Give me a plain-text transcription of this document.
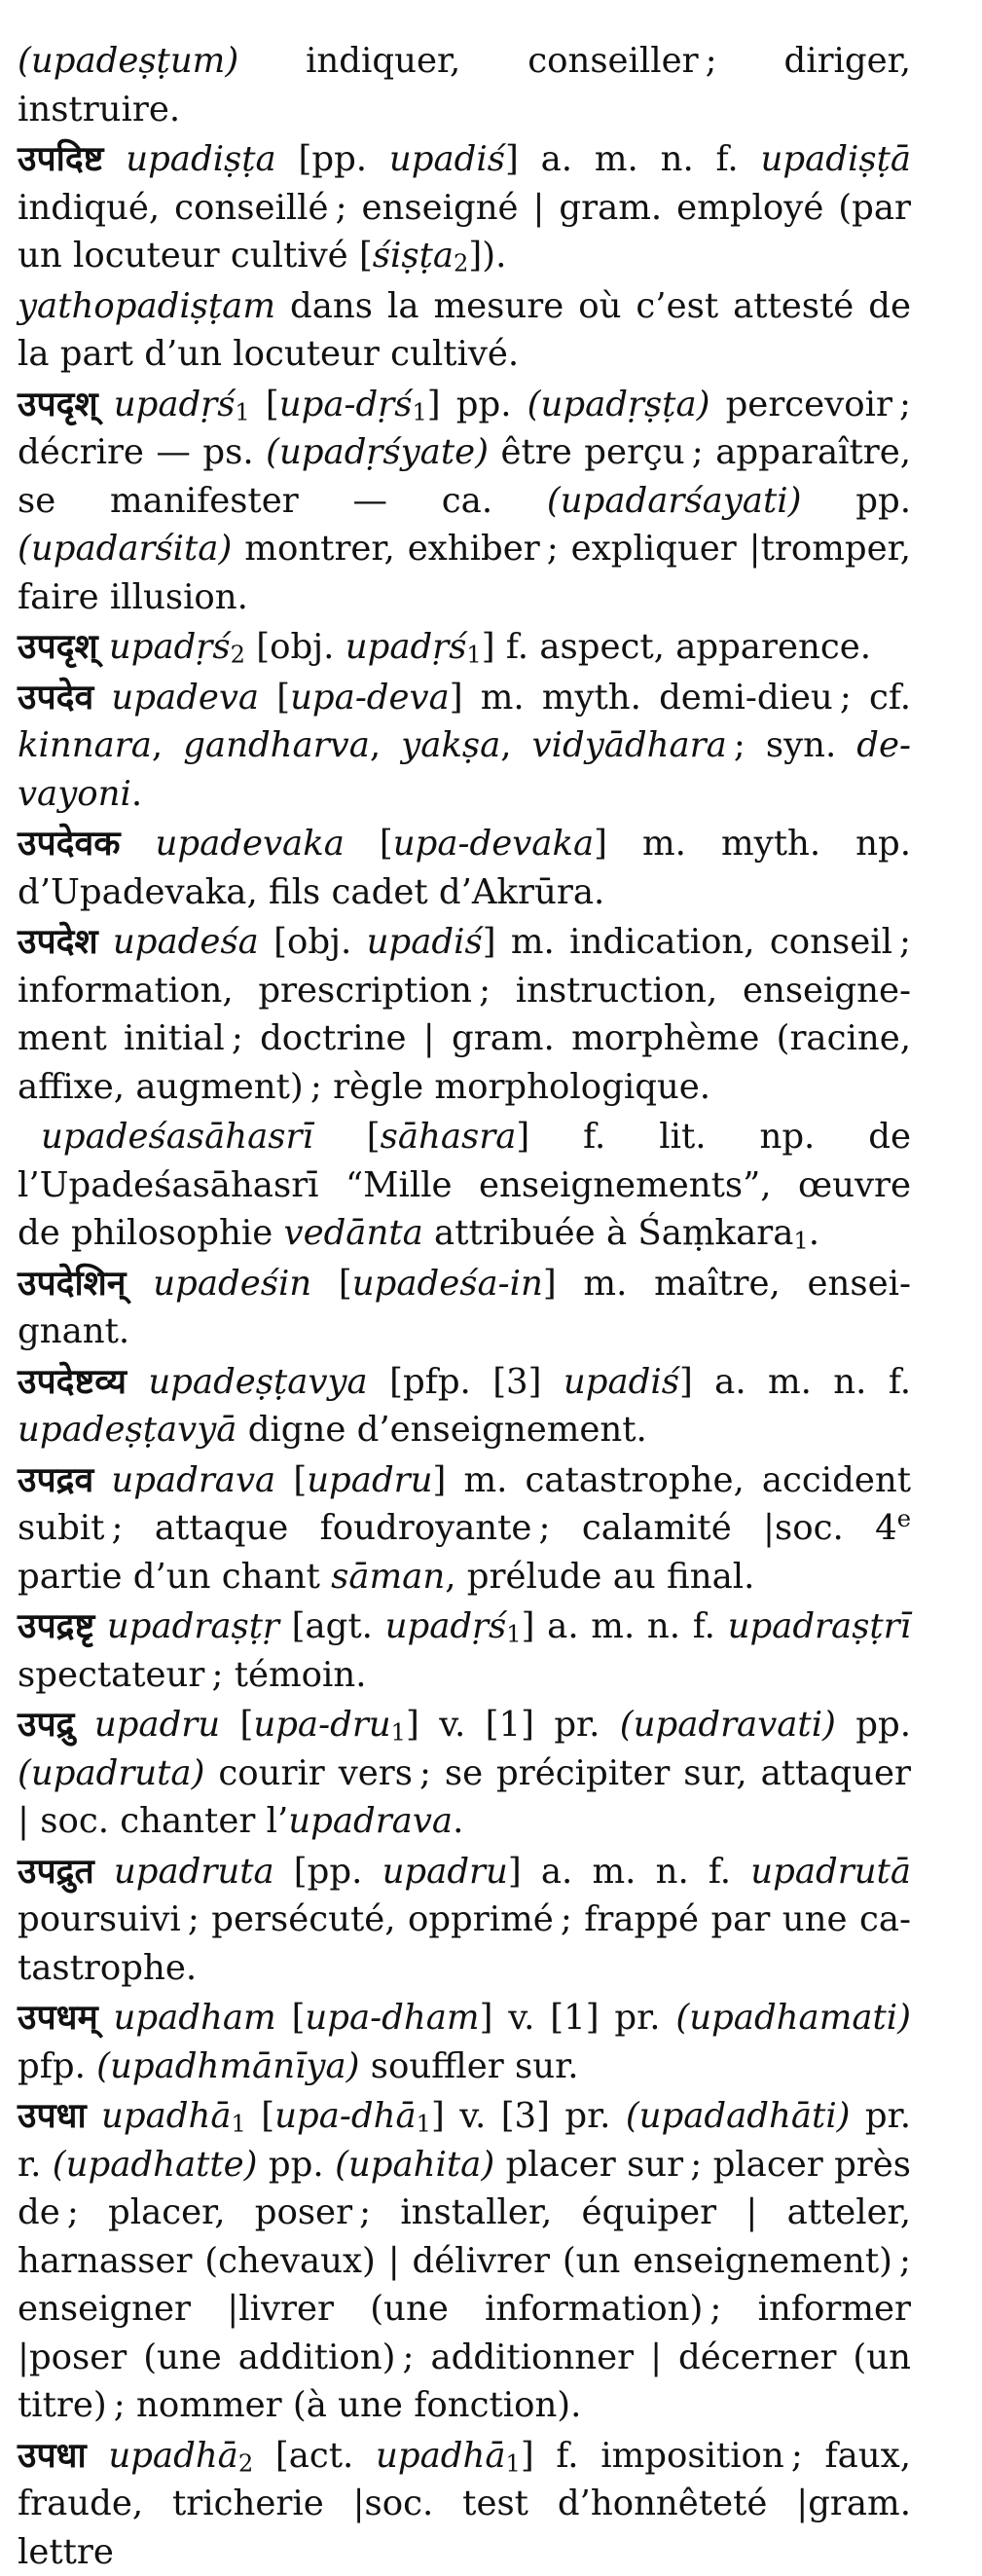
(upadeṣṭum) indiquer, conseiller ; diriger, instruire.

उपदिष्ट upadiṣṭa [pp. upadiś] a. m. n. f. upadiṣṭā indiqué, conseillé ; enseigné | gram. employé (par un locuteur cultivé [śiṣṭa$_2$]).

yathopadiṣṭam dans la mesure où c’est attesté de la part d’un locuteur cultivé.

उपदृश् upadṛś$_1$ [upa-dṛś$_1$] pp. (upadṛṣṭa) percevoir ; décrire — ps. (upadṛśyate) être perçu ; apparaître, se manifester — ca. (upadarśayati) pp. (upadarśita) montrer, exhiber ; expliquer |tromper, faire illusion.

उपदृश् upadṛś$_2$ [obj. upadṛś$_1$] f. aspect, apparence.

उपदेव upadeva [upa-deva] m. myth. demi-dieu ; cf. kinnara, gandharva, yakṣa, vidyādhara ; syn. devayoni.

उपदेवक upadevaka [upa-devaka] m. myth. np. d’Upadevaka, fils cadet d’Akrūra.

उपदेश upadeśa [obj. upadiś] m. indication, conseil ; information, prescription ; instruction, enseignement initial ; doctrine | gram. morphème (racine, affixe, augment) ; règle morphologique.

upadeśasāhasrī [sāhasra] f. lit. np. de l’Upadeśasāhasrī “Mille enseignements”, œuvre de philosophie vedānta attribuée à Śaṃkara$_1$.

उपदेशिन् upadeśin [upadeśa-in] m. maître, enseignant.

उपदेष्टव्य upadeṣṭavya [pfp. [3] upadiś] a. m. n. f. upadeṣṭavyā digne d’enseignement.

उपद्रव upadrava [upadru] m. catastrophe, accident subit ; attaque foudroyante ; calamité |soc. 4e partie d’un chant sāman, prélude au final.

उपद्रष्टृ upadraṣṭṛ [agt. upadṛś$_1$] a. m. n. f. upadraṣṭrī spectateur ; témoin.

उपद्रु upadru [upa-dru$_1$] v. [1] pr. (upadravati) pp. (upadruta) courir vers ; se précipiter sur, attaquer | soc. chanter l’upadrava.

उपद्रुत upadruta [pp. upadru] a. m. n. f. upadrutā poursuivi ; persécuté, opprimé ; frappé par une catastrophe.

उपधम् upadham [upa-dham] v. [1] pr. (upadhamati) pfp. (upadhmānīya) souffler sur.

उपधा upadhā$_1$ [upa-dhā$_1$] v. [3] pr. (upadadhāti) pr. r. (upadhatte) pp. (upahita) placer sur ; placer près de ; placer, poser ; installer, équiper | atteler, harnasser (chevaux) | délivrer (un enseignement) ; enseigner |livrer (une information) ; informer |poser (une addition) ; additionner | décerner (un titre) ; nommer (à une fonction).

उपधा upadhā$_2$ [act. upadhā$_1$] f. imposition ; faux, fraude, tricherie |soc. test d’honnêteté |gram. lettre
